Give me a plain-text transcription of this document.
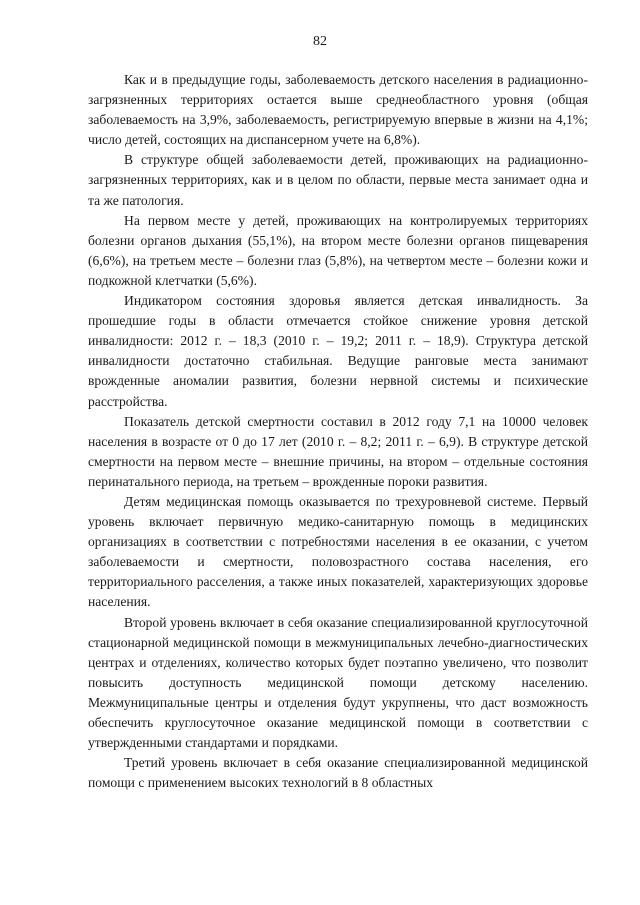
82

Как и в предыдущие годы, заболеваемость детского населения в радиационно-загрязненных территориях остается выше среднеобластного уровня (общая заболеваемость на 3,9%, заболеваемость, регистрируемую впервые в жизни на 4,1%; число детей, состоящих на диспансерном учете на 6,8%).

В структуре общей заболеваемости детей, проживающих на радиационно-загрязненных территориях, как и в целом по области, первые места занимает одна и та же патология.

На первом месте у детей, проживающих на контролируемых территориях болезни органов дыхания (55,1%), на втором месте болезни органов пищеварения (6,6%), на третьем месте – болезни глаз (5,8%), на четвертом месте – болезни кожи и подкожной клетчатки (5,6%).

Индикатором состояния здоровья является детская инвалидность. За прошедшие годы в области отмечается стойкое снижение уровня детской инвалидности: 2012 г. – 18,3 (2010 г. – 19,2; 2011 г. – 18,9). Структура детской инвалидности достаточно стабильная. Ведущие ранговые места занимают врожденные аномалии развития, болезни нервной системы и психические расстройства.

Показатель детской смертности составил в 2012 году 7,1 на 10000 человек населения в возрасте от 0 до 17 лет (2010 г. – 8,2; 2011 г. – 6,9). В структуре детской смертности на первом месте – внешние причины, на втором – отдельные состояния перинатального периода, на третьем – врожденные пороки развития.

Детям медицинская помощь оказывается по трехуровневой системе. Первый уровень включает первичную медико-санитарную помощь в медицинских организациях в соответствии с потребностями населения в ее оказании, с учетом заболеваемости и смертности, половозрастного состава населения, его территориального расселения, а также иных показателей, характеризующих здоровье населения.

Второй уровень включает в себя оказание специализированной круглосуточной стационарной медицинской помощи в межмуниципальных лечебно-диагностических центрах и отделениях, количество которых будет поэтапно увеличено, что позволит повысить доступность медицинской помощи детскому населению. Межмуниципальные центры и отделения будут укрупнены, что даст возможность обеспечить круглосуточное оказание медицинской помощи в соответствии с утвержденными стандартами и порядками.

Третий уровень включает в себя оказание специализированной медицинской помощи с применением высоких технологий в 8 областных
